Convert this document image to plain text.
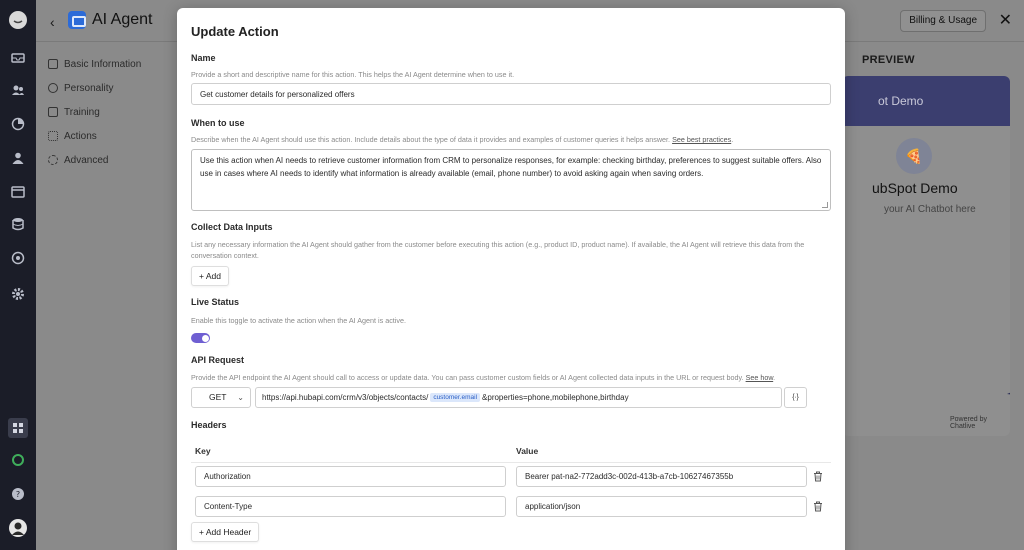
?
‹ AI Agent	Billing & Usage	✕
Basic Information
Personality
Training
Actions
Advanced
PREVIEW
ot Demo
🍕
ubSpot Demo
your AI Chatbot here
Powered by Chatlive
Update Action
Name
Provide a short and descriptive name for this action. This helps the AI Agent determine when to use it.
Get customer details for personalized offers
When to use
Describe when the AI Agent should use this action. Include details about the type of data it provides and examples of customer queries it helps answer. See best practices.
Use this action when AI needs to retrieve customer information from CRM to personalize responses, for example: checking birthday, preferences to suggest suitable offers. Also use in cases where AI needs to identify what information is already available (email, phone number) to avoid asking again when saving orders.
Collect Data Inputs
List any necessary information the AI Agent should gather from the customer before executing this action (e.g., product ID, product name). If available, the AI Agent will retrieve this data from the conversation context.
+ Add
Live Status
Enable this toggle to activate the action when the AI Agent is active.
API Request
Provide the API endpoint the AI Agent should call to access or update data. You can pass customer custom fields or AI Agent collected data inputs in the URL or request body. See how.
GET ⌄ https://api.hubapi.com/crm/v3/objects/contacts/ customer.email &properties=phone,mobilephone,birthday	{∙}
Headers
Key	Value
Authorization	Bearer pat-na2-772add3c-002d-413b-a7cb-10627467355b
Content-Type	application/json
+ Add Header
